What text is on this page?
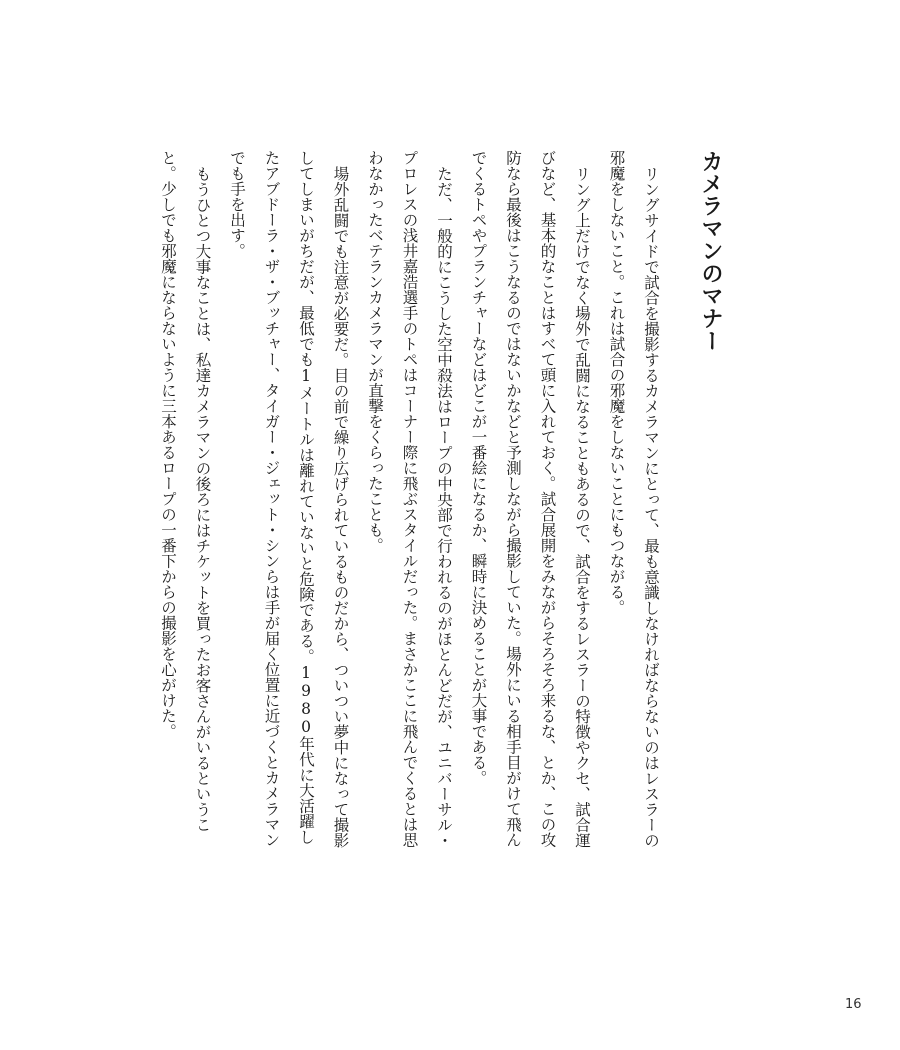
カメラマンのマナー

リングサイドで試合を撮影するカメラマンにとって、最も意識しなければならないのはレスラーの邪魔をしないこと。これは試合の邪魔をしないことにもつながる。

リング上だけでなく場外で乱闘になることもあるので、試合をするレスラーの特徴やクセ、試合運びなど、基本的なことはすべて頭に入れておく。試合展開をみながらそろそろ来るな、とか、この攻防なら最後はこうなるのではないかなどと予測しながら撮影していた。場外にいる相手目がけて飛んでくるトペやプランチャーなどはどこが一番絵になるか、瞬時に決めることが大事である。

ただ、一般的にこうした空中殺法はロープの中央部で行われるのがほとんどだが、ユニバーサル・プロレスの浅井嘉浩選手のトペはコーナー際に飛ぶスタイルだった。まさかここに飛んでくるとは思わなかったベテランカメラマンが直撃をくらったことも。

場外乱闘でも注意が必要だ。目の前で繰り広げられているものだから、ついつい夢中になって撮影してしまいがちだが、最低でも1メートルは離れていないと危険である。1980年代に大活躍したアブドーラ・ザ・ブッチャー、タイガー・ジェット・シンらは手が届く位置に近づくとカメラマンでも手を出す。

もうひとつ大事なことは、私達カメラマンの後ろにはチケットを買ったお客さんがいるということ。少しでも邪魔にならないように三本あるロープの一番下からの撮影を心がけた。

16
